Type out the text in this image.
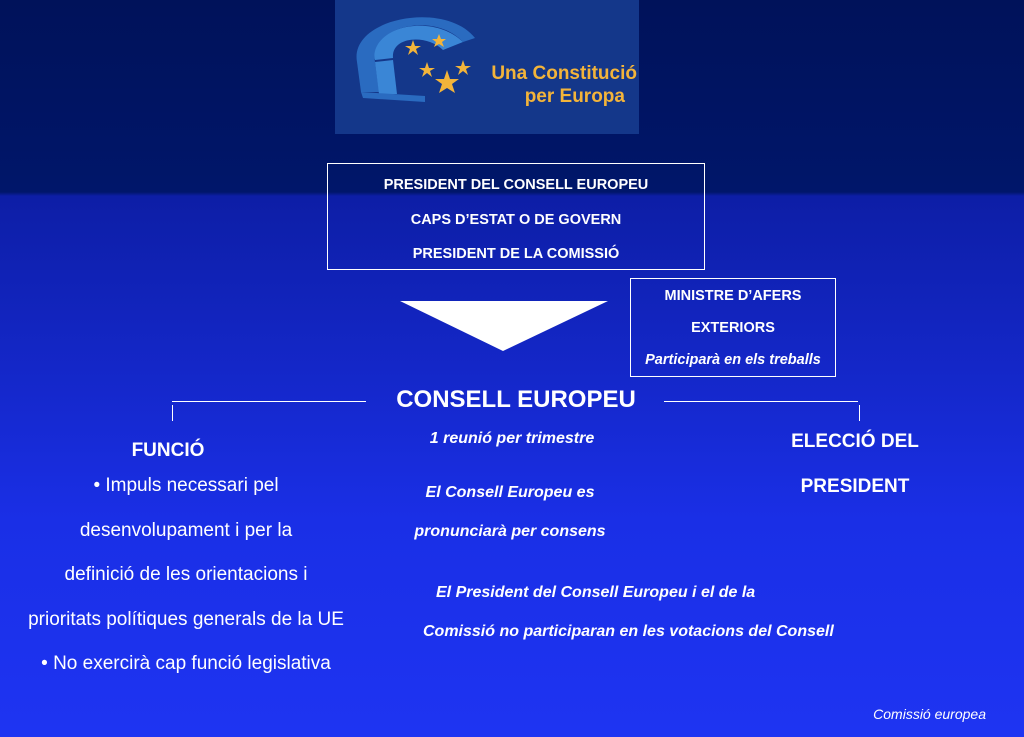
Una Constitució

per Europa
PRESIDENT DEL CONSELL EUROPEU
CAPS D’ESTAT O DE GOVERN
PRESIDENT DE LA COMISSIÓ
MINISTRE D’AFERS
EXTERIORS
Participarà en els treballs
CONSELL EUROPEU
1 reunió per trimestre
FUNCIÓ
• Impuls necessari pel
desenvolupament i per la
definició de les orientacions i
prioritats polítiques generals de la UE
• No exercirà cap funció legislativa
ELECCIÓ DEL
PRESIDENT
El Consell Europeu es
pronunciarà per consens
El President del Consell Europeu i el de la
Comissió no participaran en les votacions del Consell
Comissió europea
